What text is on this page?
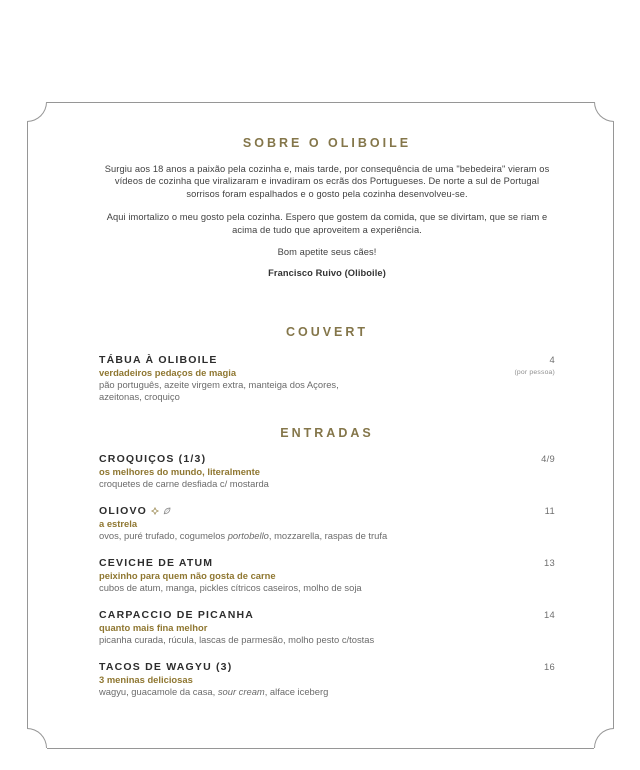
SOBRE O OLIBOILE

Surgiu aos 18 anos a paixão pela cozinha e, mais tarde, por consequência de uma "bebedeira" vieram os vídeos de cozinha que viralizaram e invadiram os ecrãs dos Portugueses. De norte a sul de Portugal sorrisos foram espalhados e o gosto pela cozinha desenvolveu-se.

Aqui imortalizo o meu gosto pela cozinha. Espero que gostem da comida, que se divirtam, que se riam e acima de tudo que aproveitem a experiência.

Bom apetite seus cães!

Francisco Ruivo (Oliboile)

COUVERT
TÁBUA À OLIBOILE
verdadeiros pedaços de magia
pão português, azeite virgem extra, manteiga dos Açores, azeitonas, croquiço
4
(por pessoa)
ENTRADAS
CROQUIÇOS (1/3)
os melhores do mundo, literalmente
croquetes de carne desfiada c/ mostarda
4/9
OLIOVO
a estrela
ovos, puré trufado, cogumelos portobello, mozzarella, raspas de trufa
11
CEVICHE DE ATUM
peixinho para quem não gosta de carne
cubos de atum, manga, pickles cítricos caseiros, molho de soja
13
CARPACCIO DE PICANHA
quanto mais fina melhor
picanha curada, rúcula, lascas de parmesão, molho pesto c/tostas
14
TACOS DE WAGYU (3)
3 meninas deliciosas
wagyu, guacamole da casa, sour cream, alface iceberg
16
